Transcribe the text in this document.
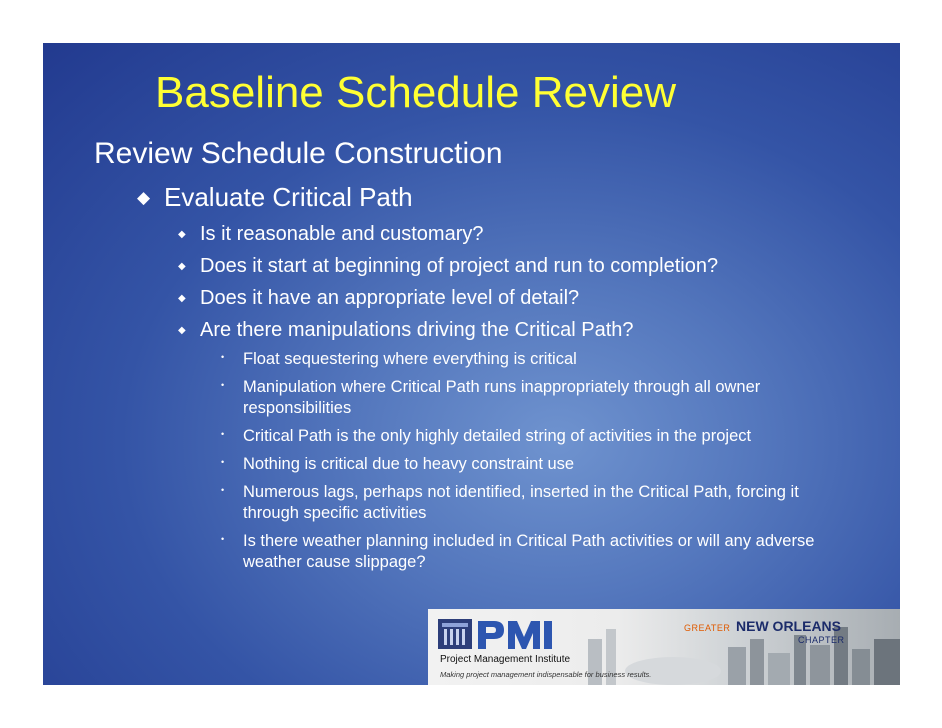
Baseline Schedule Review
Review Schedule Construction
◆ Evaluate Critical Path
◆ Is it reasonable and customary?
◆ Does it start at beginning of project and run to completion?
◆ Does it have an appropriate level of detail?
◆ Are there manipulations driving the Critical Path?
• Float sequestering where everything is critical
• Manipulation where Critical Path runs inappropriately through all owner responsibilities
• Critical Path is the only highly detailed string of activities in the project
• Nothing is critical due to heavy constraint use
• Numerous lags, perhaps not identified, inserted in the Critical Path, forcing it through specific activities
• Is there weather planning included in Critical Path activities or will any adverse weather cause slippage?
Project Management Institute
Making project management indispensable for business results.
GREATER NEW ORLEANS
CHAPTER
